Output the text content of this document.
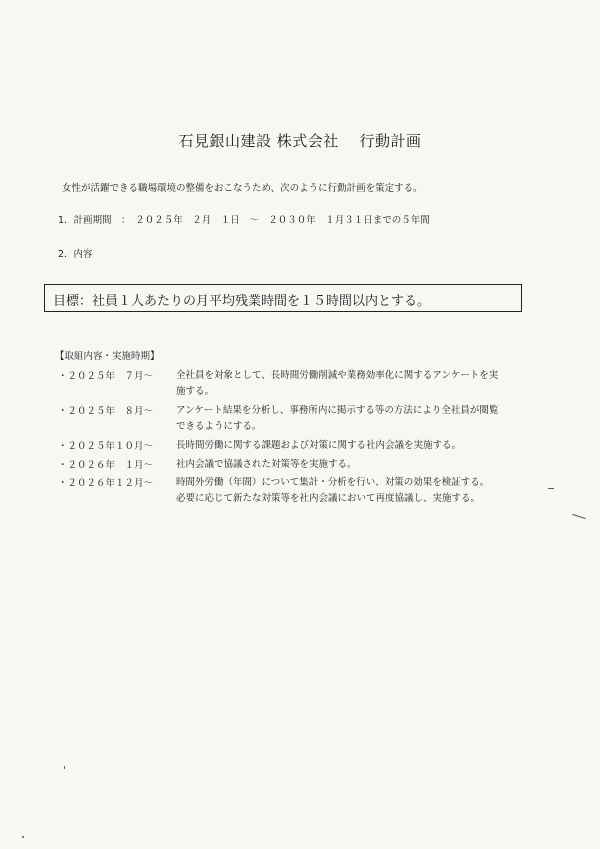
石見銀山建設 株式会社　 行動計画
女性が活躍できる職場環境の整備をおこなうため、次のように行動計画を策定する。
1．計画期間　：　２０２５年　２月　１日　～　２０３０年　１月３１日までの５年間
2．内容
目標：社員１人あたりの月平均残業時間を１５時間以内とする。
【取組内容・実施時期】
・２０２５年　７月～ 全社員を対象として、長時間労働削減や業務効率化に関するアンケートを実
施する。
・２０２５年　８月～ アンケート結果を分析し、事務所内に掲示する等の方法により全社員が閲覧
できるようにする。
・２０２５年１０月～ 長時間労働に関する課題および対策に関する社内会議を実施する。
・２０２６年　１月～ 社内会議で協議された対策等を実施する。
・２０２６年１２月～ 時間外労働（年間）について集計・分析を行い、対策の効果を検証する。
必要に応じて新たな対策等を社内会議において再度協議し、実施する。
